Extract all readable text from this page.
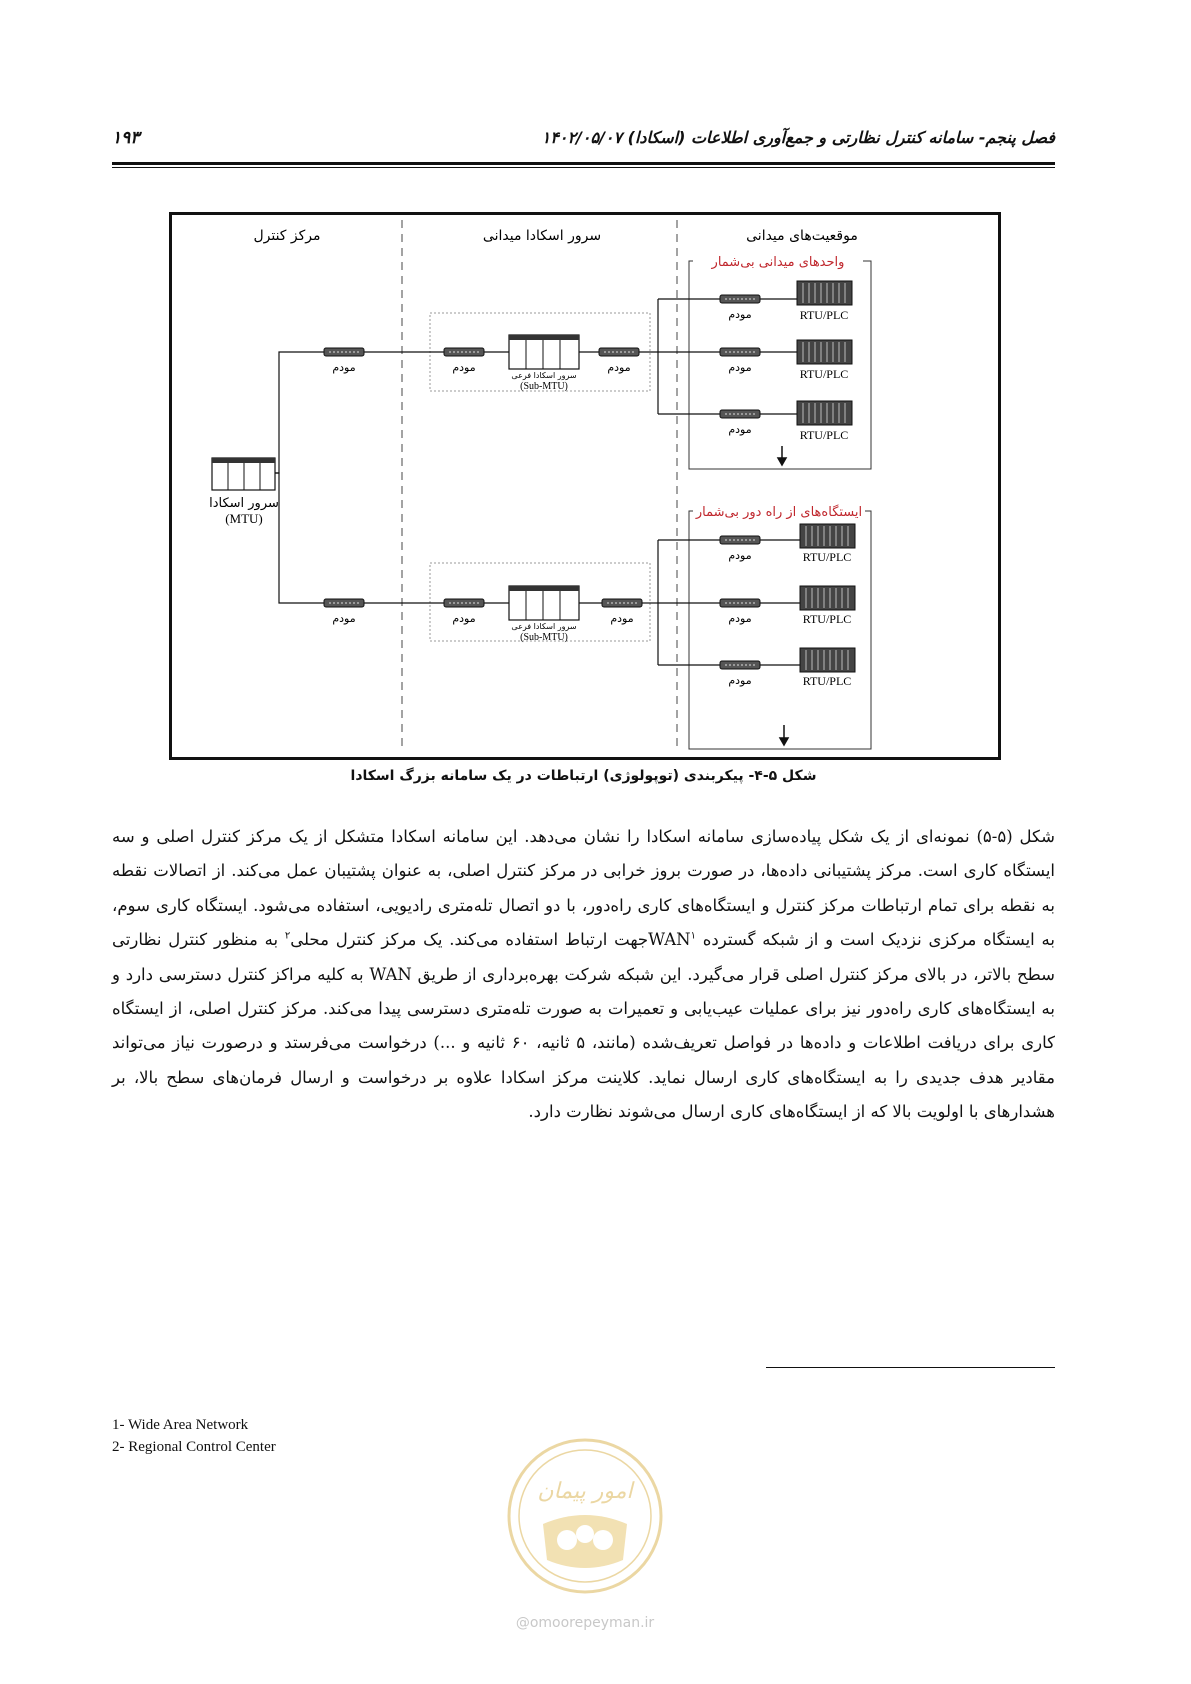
فصل پنجم- سامانه کنترل نظارتی و جمع‌آوری اطلاعات (اسکادا) ۱۴۰۲/۰۵/۰۷
۱۹۳
مرکز کنترل	سرور اسکادا میدانی	موقعیت‌های میدانی
واحدهای میدانی بی‌شمار
ایستگاه‌های از راه دور بی‌شمار
مودم	مودم	مودم
مودم
مودم
مودم
مودم	مودم	مودم
مودم
مودم
مودم
سرور اسکادا فرعی
(Sub-MTU)
سرور اسکادا فرعی
(Sub-MTU)
سرور اسکادا
(MTU)
RTU/PLC
RTU/PLC
RTU/PLC
RTU/PLC
RTU/PLC
RTU/PLC
شکل ۵-۴- پیکربندی (توپولوژی) ارتباطات در یک سامانه بزرگ اسکادا
شکل (۵-۵) نمونه‌ای از یک شکل پیاده‌سازی سامانه اسکادا را نشان می‌دهد. این سامانه اسکادا متشکل از یک مرکز کنترل اصلی و سه ایستگاه کاری است. مرکز پشتیبانی داده‌ها، در صورت بروز خرابی در مرکز کنترل اصلی، به عنوان پشتیبان عمل می‌کند. از اتصالات نقطه به نقطه برای تمام ارتباطات مرکز کنترل و ایستگاه‌های کاری راه‌دور، با دو اتصال تله‌متری رادیویی، استفاده می‌شود. ایستگاه کاری سوم، به ایستگاه مرکزی نزدیک است و از شبکه گسترده WAN$^۱$جهت ارتباط استفاده می‌کند. یک مرکز کنترل محلی$^۲$ به منظور کنترل نظارتی سطح بالاتر، در بالای مرکز کنترل اصلی قرار می‌گیرد. این شبکه شرکت بهره‌برداری از طریق WAN به کلیه مراکز کنترل دسترسی دارد و به ایستگاه‌های کاری راه‌دور نیز برای عملیات عیب‌یابی و تعمیرات به صورت تله‌متری دسترسی پیدا می‌کند. مرکز کنترل اصلی، از ایستگاه کاری برای دریافت اطلاعات و داده‌ها در فواصل تعریف‌شده (مانند، ۵ ثانیه، ۶۰ ثانیه و ...) درخواست می‌فرستد و درصورت نیاز می‌تواند مقادیر هدف جدیدی را به ایستگاه‌های کاری ارسال نماید. کلاینت مرکز اسکادا علاوه بر درخواست و ارسال فرمان‌های سطح بالا، بر هشدارهای با اولویت بالا که از ایستگاه‌های کاری ارسال می‌شوند نظارت دارد.
1- Wide Area Network
2- Regional Control Center
امور پیمان
@omoorepeyman.ir
